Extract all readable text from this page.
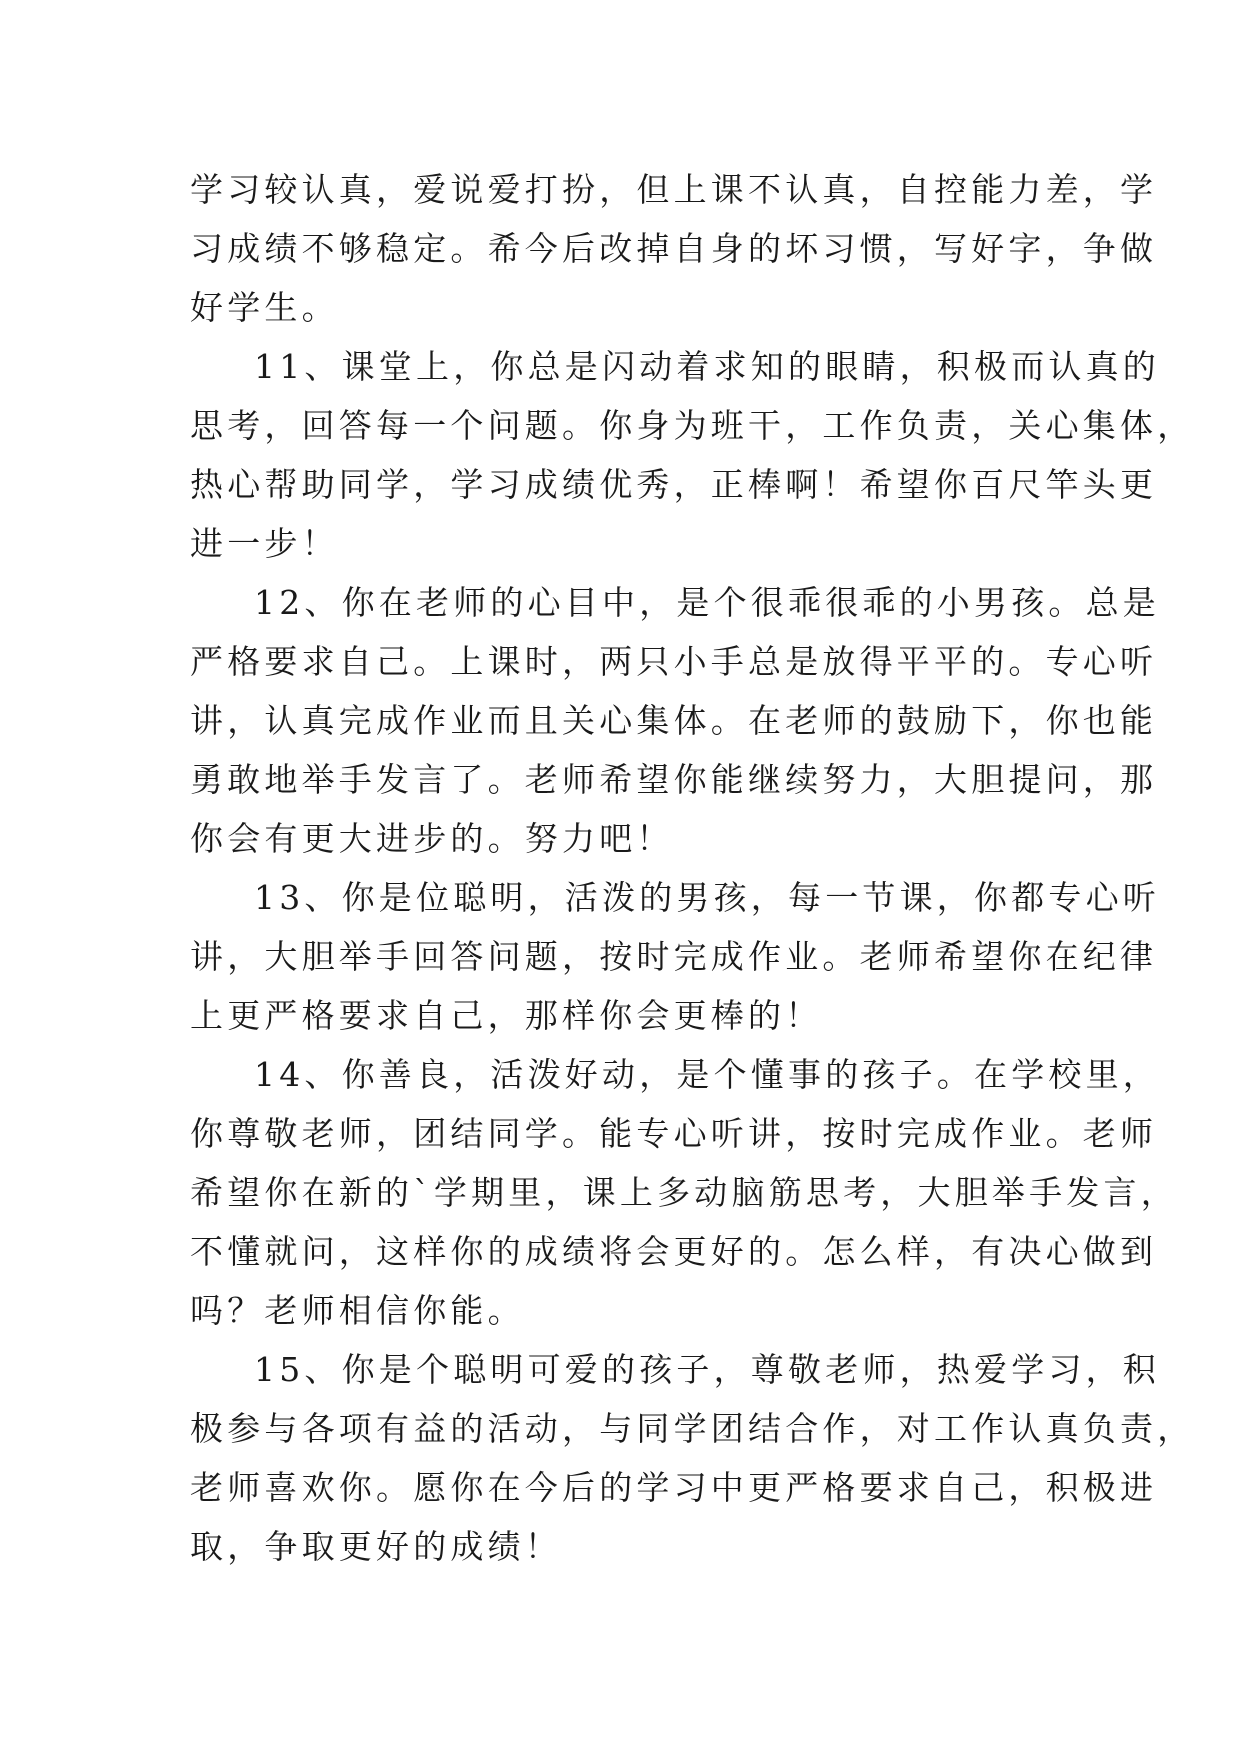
学习较认真，爱说爱打扮，但上课不认真，自控能力差，学
习成绩不够稳定。希今后改掉自身的坏习惯，写好字，争做
好学生。
11、课堂上，你总是闪动着求知的眼睛，积极而认真的
思考，回答每一个问题。你身为班干，工作负责，关心集体，
热心帮助同学，学习成绩优秀，正棒啊！希望你百尺竿头更
进一步！
12、你在老师的心目中，是个很乖很乖的小男孩。总是
严格要求自己。上课时，两只小手总是放得平平的。专心听
讲，认真完成作业而且关心集体。在老师的鼓励下，你也能
勇敢地举手发言了。老师希望你能继续努力，大胆提问，那
你会有更大进步的。努力吧！
13、你是位聪明，活泼的男孩，每一节课，你都专心听
讲，大胆举手回答问题，按时完成作业。老师希望你在纪律
上更严格要求自己，那样你会更棒的！
14、你善良，活泼好动，是个懂事的孩子。在学校里，
你尊敬老师，团结同学。能专心听讲，按时完成作业。老师
希望你在新的`学期里，课上多动脑筋思考，大胆举手发言，
不懂就问，这样你的成绩将会更好的。怎么样，有决心做到
吗？老师相信你能。
15、你是个聪明可爱的孩子，尊敬老师，热爱学习，积
极参与各项有益的活动，与同学团结合作，对工作认真负责，
老师喜欢你。愿你在今后的学习中更严格要求自己，积极进
取，争取更好的成绩！
